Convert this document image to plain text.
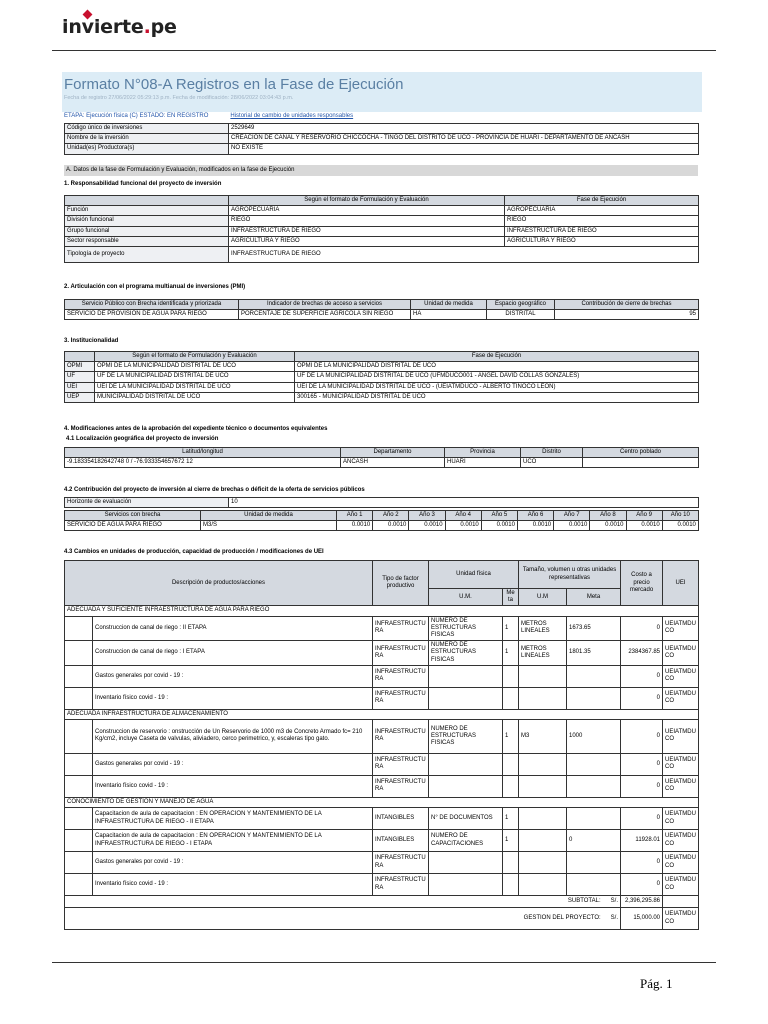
invierte.pe
Formato N°08-A Registros en la Fase de Ejecución
Fecha de registro 27/06/2022 05:29:13 p.m. Fecha de modificación: 28/06/2022 03:04:43 p.m.
ETAPA: Ejecución física (C) ESTADO: EN REGISTRO	Historial de cambio de unidades responsables
Código único de inversiones	2529649
Nombre de la inversión	CREACION DE CANAL Y RESERVORIO CHICCOCHA - TINGO DEL DISTRITO DE UCO - PROVINCIA DE HUARI - DEPARTAMENTO DE ANCASH
Unidad(es) Productora(s)	NO EXISTE
A. Datos de la fase de Formulación y Evaluación, modificados en la fase de Ejecución
1. Responsabilidad funcional del proyecto de inversión
	Según el formato de Formulación y Evaluación	Fase de Ejecución
Función	AGROPECUARIA	AGROPECUARIA
División funcional	RIEGO	RIEGO
Grupo funcional	INFRAESTRUCTURA DE RIEGO	INFRAESTRUCTURA DE RIEGO
Sector responsable	AGRICULTURA Y RIEGO	AGRICULTURA Y RIEGO
Tipología de proyecto	INFRAESTRUCTURA DE RIEGO	
2. Articulación con el programa multianual de inversiones (PMI)
Servicio Público con Brecha identificada y priorizada	Indicador de brechas de acceso a servicios	Unidad de medida	Espacio geográfico	Contribución de cierre de brechas
SERVICIO DE PROVISION DE AGUA PARA RIEGO	PORCENTAJE DE SUPERFICIE AGRICOLA SIN RIEGO	HA	DISTRITAL	95
3. Institucionalidad
	Según el formato de Formulación y Evaluación	Fase de Ejecución
OPMI	OPMI DE LA MUNICIPALIDAD DISTRITAL DE UCO	OPMI DE LA MUNICIPALIDAD DISTRITAL DE UCO
UF	UF DE LA MUNICIPALIDAD DISTRITAL DE UCO	UF DE LA MUNICIPALIDAD DISTRITAL DE UCO (UFMDUCO001 - ANGEL DAVID COLLAS GONZALES)
UEI	UEI DE LA MUNICIPALIDAD DISTRITAL DE UCO	UEI DE LA MUNICIPALIDAD DISTRITAL DE UCO - (UEIATMDUCO - ALBERTO TINOCO LEON)
UEP	MUNICIPALIDAD DISTRITAL DE UCO	300165 - MUNICIPALIDAD DISTRITAL DE UCO
4. Modificaciones antes de la aprobación del expediente técnico o documentos equivalentes
4.1 Localización geográfica del proyecto de inversión
Latitud/longitud	Departamento	Provincia	Distrito	Centro poblado
-9.183354182642748 0 / -76.933354657672 12	ANCASH	HUARI	UCO	
4.2 Contribución del proyecto de inversión al cierre de brechas o déficit de la oferta de servicios públicos
Horizonte de evaluación	10
Servicios con brecha	Unidad de medida	Año 1	Año 2	Año 3	Año 4	Año 5	Año 6	Año 7	Año 8	Año 9	Año 10
SERVICIO DE AGUA PARA RIEGO	M3/S	0.0010	0.0010	0.0010	0.0010	0.0010	0.0010	0.0010	0.0010	0.0010	0.0010
4.3 Cambios en unidades de producción, capacidad de producción / modificaciones de UEI
Descripción de productos/acciones		Tipo de factor productivo	Unidad física		Tamaño, volumen u otras unidades representativas		Costo a precio mercado	UEI
			U.M.	Me ta	U.M	Meta		
ADECUADA Y SUFICIENTE INFRAESTRUCTURA DE AGUA PARA RIEGO								
	Construccion de canal de riego : II ETAPA	INFRAESTRUCTURA	NUMERO DE ESTRUCTURAS FISICAS	1	METROS LINEALES	1673.65	0	UEIATMDUCO
	Construccion de canal de riego : I ETAPA	INFRAESTRUCTURA	NUMERO DE ESTRUCTURAS FISICAS	1	METROS LINEALES	1801.35	2384367.85	UEIATMDUCO
	Gastos generales por covid - 19 :	INFRAESTRUCTURA					0	UEIATMDUCO
	Inventario físico covid - 19 :	INFRAESTRUCTURA					0	UEIATMDUCO
ADECUADA INFRAESTRUCTURA DE ALMACENAMIENTO								
	Construccion de reservorio : onstrucción de Un Reservorio de 1000 m3 de Concreto Armado fc= 210 Kg/cm2, incluye Caseta de valvulas, aliviadero, cerco perimetrico, y, escaleras tipo gato.	INFRAESTRUCTURA	NUMERO DE ESTRUCTURAS FISICAS	1	M3	1000	0	UEIATMDUCO
	Gastos generales por covid - 19 :	INFRAESTRUCTURA					0	UEIATMDUCO
	Inventario físico covid - 19 :	INFRAESTRUCTURA					0	UEIATMDUCO
CONOCIMIENTO DE GESTION Y MANEJO DE AGUA								
	Capacitacion de aula de capacitacion : EN OPERACION Y MANTENIMIENTO DE LA INFRAESTRUCTURA DE RIEGO - II ETAPA	INTANGIBLES	N° DE DOCUMENTOS	1			0	UEIATMDUCO
	Capacitacion de aula de capacitacion : EN OPERACION Y MANTENIMIENTO DE LA INFRAESTRUCTURA DE RIEGO - I ETAPA	INTANGIBLES	NUMERO DE CAPACITACIONES	1		0	11928.01	UEIATMDUCO
	Gastos generales por covid - 19 :	INFRAESTRUCTURA					0	UEIATMDUCO
	Inventario físico covid - 19 :	INFRAESTRUCTURA					0	UEIATMDUCO
SUBTOTAL: S/.							2,396,295.86	
GESTION DEL PROYECTO: S/.							15,000.00	UEIATMDUCO
Pág. 1
